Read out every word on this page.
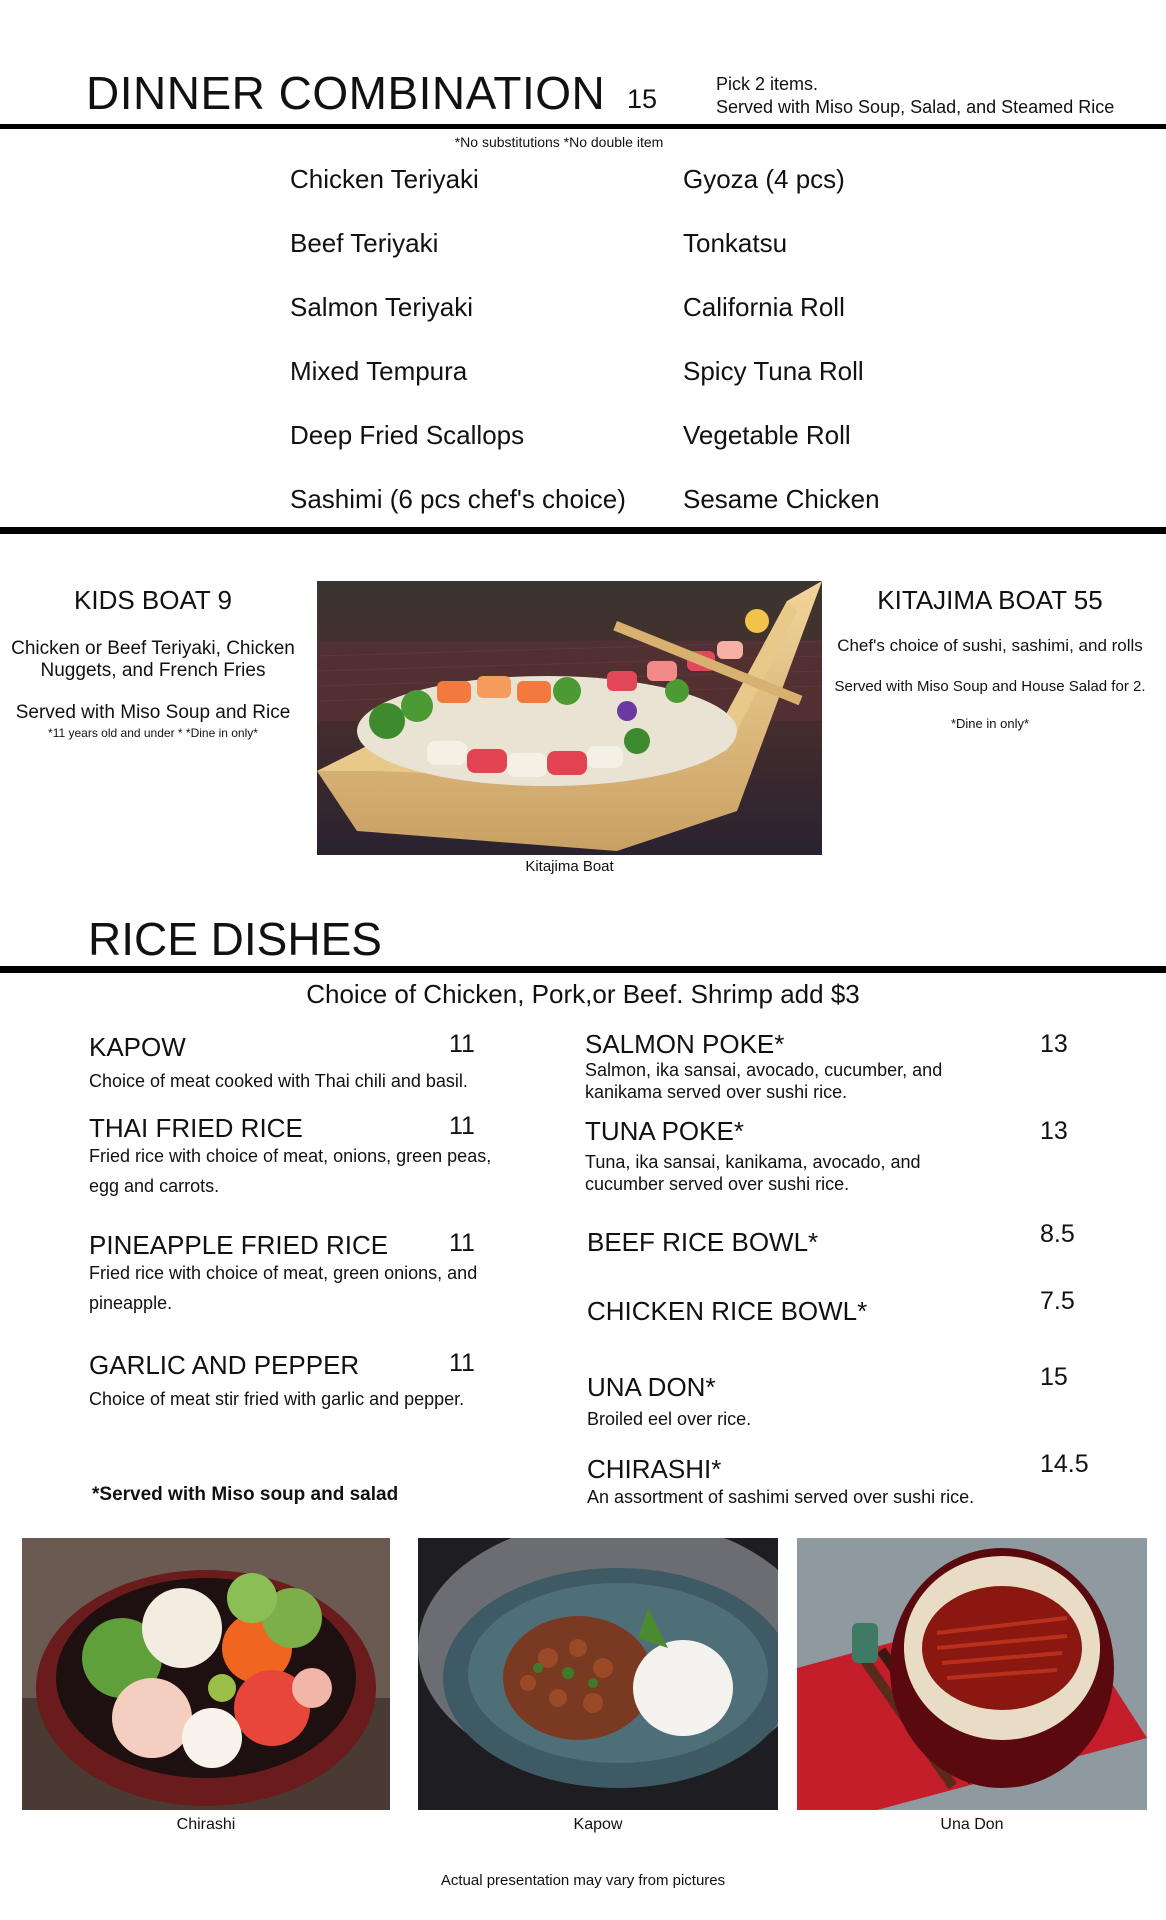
DINNER COMBINATION 15	Pick 2 items.
Served with Miso Soup, Salad, and Steamed Rice
*No substitutions *No double item
Chicken Teriyaki
Beef Teriyaki
Salmon Teriyaki
Mixed Tempura
Deep Fried Scallops
Sashimi (6 pcs chef's choice)
Gyoza (4 pcs)
Tonkatsu
California Roll
Spicy Tuna Roll
Vegetable Roll
Sesame Chicken
KIDS BOAT 9
Chicken or Beef Teriyaki, Chicken Nuggets, and French Fries
Served with Miso Soup and Rice
*11 years old and under * *Dine in only*
Kitajima Boat
KITAJIMA BOAT 55
Chef's choice of sushi, sashimi, and rolls
Served with Miso Soup and House Salad for 2.
*Dine in only*
RICE DISHES
Choice of Chicken, Pork,or Beef. Shrimp add $3
KAPOW	11
Choice of meat cooked with Thai chili and basil.
THAI FRIED RICE	11
Fried rice with choice of meat, onions, green peas, egg and carrots.
PINEAPPLE FRIED RICE 11
Fried rice with choice of meat, green onions, and pineapple.
GARLIC AND PEPPER	11
Choice of meat stir fried with garlic and pepper.
*Served with Miso soup and salad
SALMON POKE*	13
Salmon, ika sansai, avocado, cucumber, and kanikama served over sushi rice.
TUNA POKE*	13
Tuna, ika sansai, kanikama, avocado, and cucumber served over sushi rice.
BEEF RICE BOWL*	8.5
CHICKEN RICE BOWL*	7.5
UNA DON*	15
Broiled eel over rice.
CHIRASHI*	14.5
An assortment of sashimi served over sushi rice.
Chirashi	Kapow	Una Don
Actual presentation may vary from pictures
